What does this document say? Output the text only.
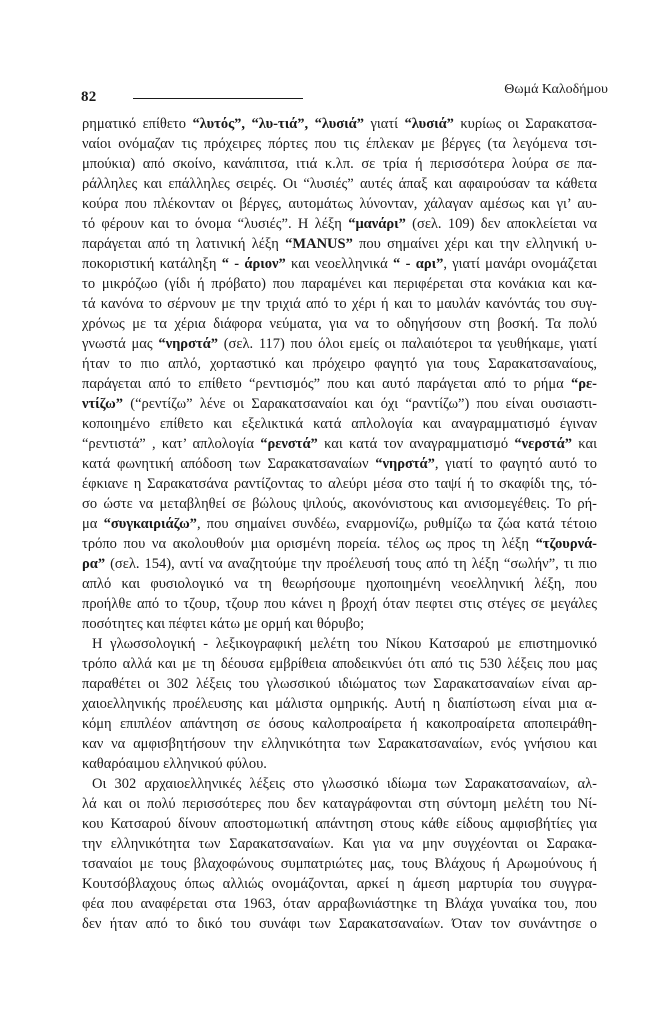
82	Θωμά Καλοδήμου
ρηματικό επίθετο “λυτός”, “λυ-τιά”, “λυσιά” γιατί “λυσιά” κυρίως οι Σαρακατσα-
ναίοι ονόμαζαν τις πρόχειρες πόρτες που τις έπλεκαν με βέργες (τα λεγόμενα τσι-
μπούκια) από σκοίνο, κανάπιτσα, ιτιά κ.λπ. σε τρία ή περισσότερα λούρα σε πα-
ράλληλες και επάλληλες σειρές. Οι “λυσιές” αυτές άπαξ και αφαιρούσαν τα κάθετα
κούρα που πλέκονταν οι βέργες, αυτομάτως λύνονταν, χάλαγαν αμέσως και γι’ αυ-
τό φέρουν και το όνομα “λυσιές”. Η λέξη “μανάρι” (σελ. 109) δεν αποκλείεται να
παράγεται από τη λατινική λέξη “MANUS” που σημαίνει χέρι και την ελληνική υ-
ποκοριστική κατάληξη “ - άριον” και νεοελληνικά “ - αρι”, γιατί μανάρι ονομάζεται
το μικρόζωο (γίδι ή πρόβατο) που παραμένει και περιφέρεται στα κονάκια και κα-
τά κανόνα το σέρνουν με την τριχιά από το χέρι ή και το μαυλάν κανόντάς του συγ-
χρόνως με τα χέρια διάφορα νεύματα, για να το οδηγήσουν στη βοσκή. Τα πολύ
γνωστά μας “νηρστά” (σελ. 117) που όλοι εμείς οι παλαιότεροι τα γευθήκαμε, γιατί
ήταν το πιο απλό, χορταστικό και πρόχειρο φαγητό για τους Σαρακατσαναίους,
παράγεται από το επίθετο “ρεντισμός” που και αυτό παράγεται από το ρήμα “ρε-
ντίζω” (“ρεντίζω” λένε οι Σαρακατσαναίοι και όχι “ραντίζω”) που είναι ουσιαστι-
κοποιημένο επίθετο και εξελικτικά κατά απλολογία και αναγραμματισμό έγιναν
“ρεντιστά” , κατ’ απλολογία “ρενστά” και κατά τον αναγραμματισμό “νερστά” και
κατά φωνητική απόδοση των Σαρακατσαναίων “νηρστά”, γιατί το φαγητό αυτό το
έφκιανε η Σαρακατσάνα ραντίζοντας το αλεύρι μέσα στο ταψί ή το σκαφίδι της, τό-
σο ώστε να μεταβληθεί σε βώλους ψιλούς, ακονόνιστους και ανισομεγέθεις. Το ρή-
μα “συγκαιριάζω”, που σημαίνει συνδέω, εναρμονίζω, ρυθμίζω τα ζώα κατά τέτοιο
τρόπο που να ακολουθούν μια ορισμένη πορεία. τέλος ως προς τη λέξη “τζουρνά-
ρα” (σελ. 154), αντί να αναζητούμε την προέλευσή τους από τη λέξη “σωλήν”, τι πιο
απλό και φυσιολογικό να τη θεωρήσουμε ηχοποιημένη νεοελληνική λέξη, που
προήλθε από το τζουρ, τζουρ που κάνει η βροχή όταν πεφτει στις στέγες σε μεγάλες
ποσότητες και πέφτει κάτω με ορμή και θόρυβο;
Η γλωσσολογική - λεξικογραφική μελέτη του Νίκου Κατσαρού με επιστημονικό
τρόπο αλλά και με τη δέουσα εμβρίθεια αποδεικνύει ότι από τις 530 λέξεις που μας
παραθέτει οι 302 λέξεις του γλωσσικού ιδιώματος των Σαρακατσαναίων είναι αρ-
χαιοελληνικής προέλευσης και μάλιστα ομηρικής. Αυτή η διαπίστωση είναι μια α-
κόμη επιπλέον απάντηση σε όσους καλοπροαίρετα ή κακοπροαίρετα αποπειράθη-
καν να αμφισβητήσουν την ελληνικότητα των Σαρακατσαναίων, ενός γνήσιου και
καθαρόαιμου ελληνικού φύλου.
Οι 302 αρχαιοελληνικές λέξεις στο γλωσσικό ιδίωμα των Σαρακατσαναίων, αλ-
λά και οι πολύ περισσότερες που δεν καταγράφονται στη σύντομη μελέτη του Νί-
κου Κατσαρού δίνουν αποστομωτική απάντηση στους κάθε είδους αμφισβήτίες για
την ελληνικότητα των Σαρακατσαναίων. Και για να μην συγχέονται οι Σαρακα-
τσαναίοι με τους βλαχοφώνους συμπατριώτες μας, τους Βλάχους ή Αρωμούνους ή
Κουτσόβλαχους όπως αλλιώς ονομάζονται, αρκεί η άμεση μαρτυρία του συγγρα-
φέα που αναφέρεται στα 1963, όταν αρραβωνιάστηκε τη Βλάχα γυναίκα του, που
δεν ήταν από το δικό του συνάφι των Σαρακατσαναίων. Όταν τον συνάντησε ο
